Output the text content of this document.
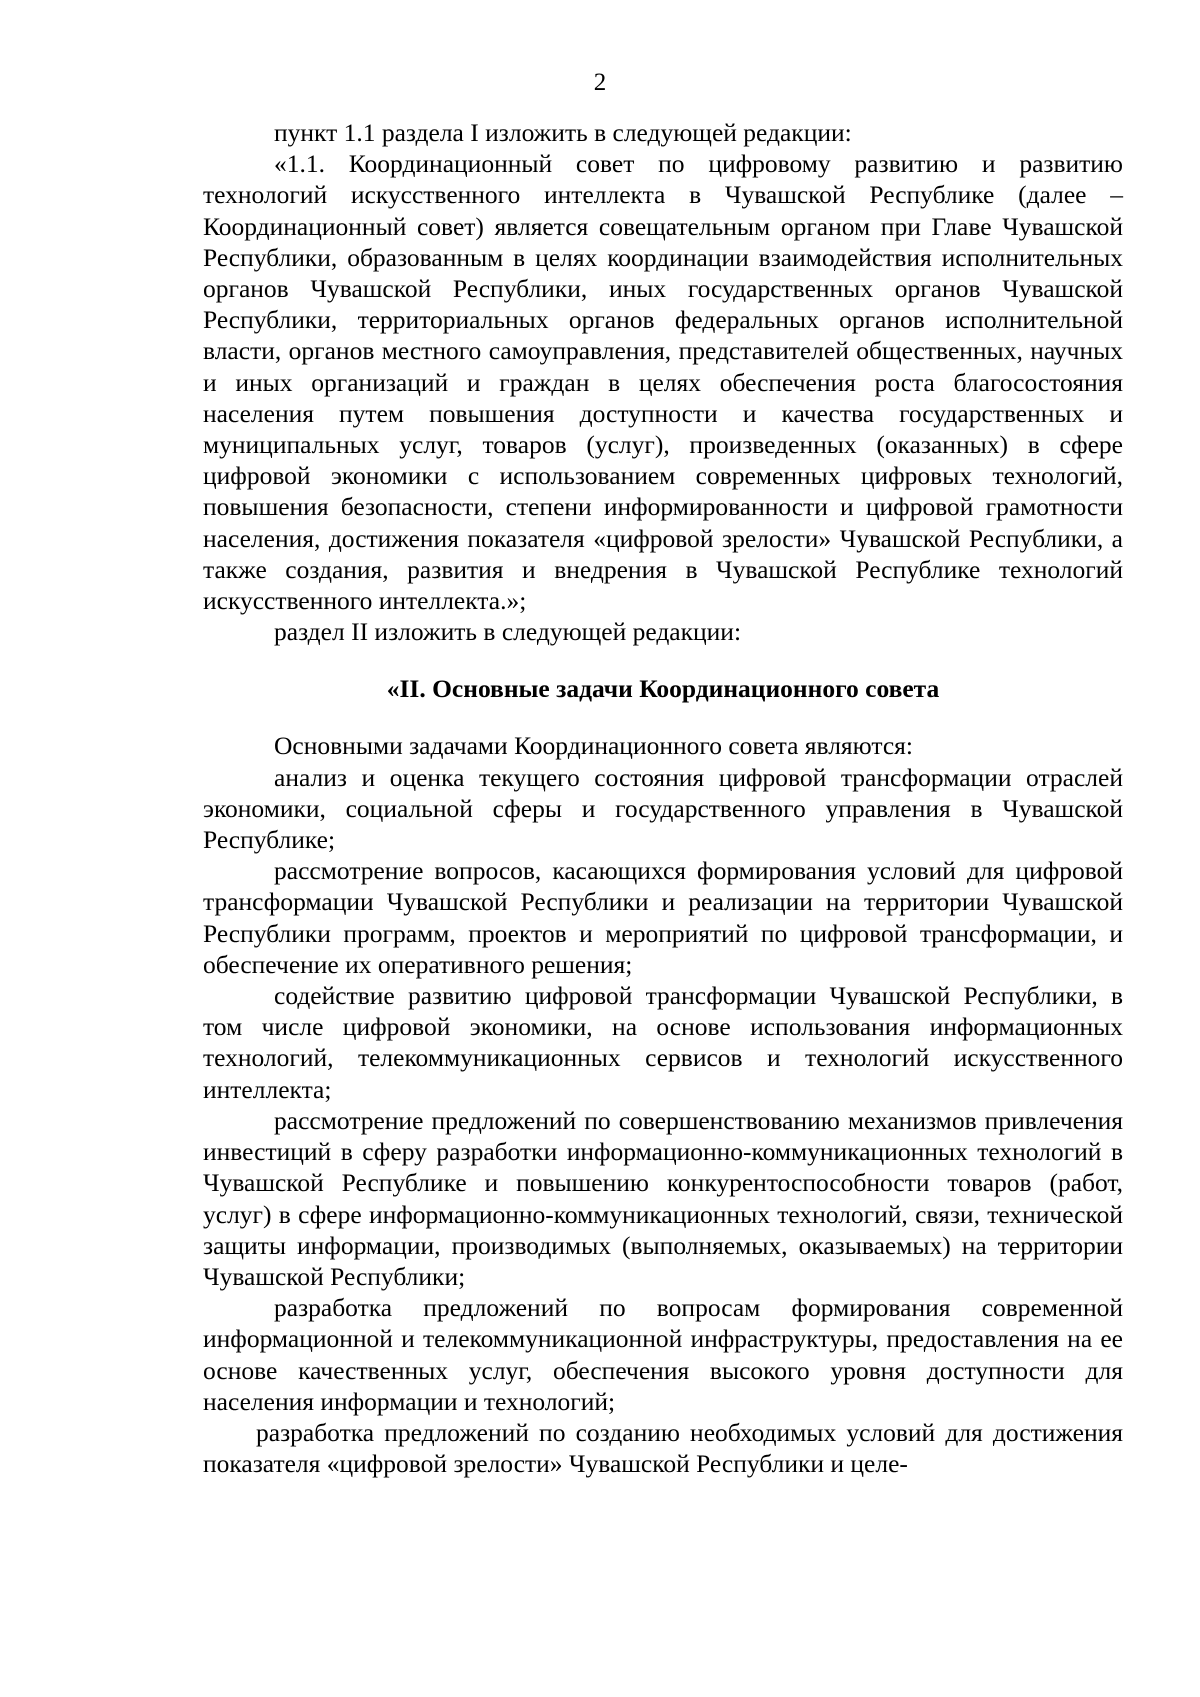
2

пункт 1.1 раздела I изложить в следующей редакции:

«1.1. Координационный совет по цифровому развитию и развитию технологий искусственного интеллекта в Чувашской Республике (далее – Координационный совет) является совещательным органом при Главе Чувашской Республики, образованным в целях координации взаимодействия исполнительных органов Чувашской Республики, иных государственных органов Чувашской Республики, территориальных органов федеральных органов исполнительной власти, органов местного самоуправления, представителей общественных, научных и иных организаций и граждан в целях обеспечения роста благосостояния населения путем повышения доступности и качества государственных и муниципальных услуг, товаров (услуг), произведенных (оказанных) в сфере цифровой экономики с использованием современных цифровых технологий, повышения безопасности, степени информированности и цифровой грамотности населения, достижения показателя «цифровой зрелости» Чувашской Республики, а также создания, развития и внедрения в Чувашской Республике технологий искусственного интеллекта.»;

раздел II изложить в следующей редакции:

«II. Основные задачи Координационного совета

Основными задачами Координационного совета являются:

анализ и оценка текущего состояния цифровой трансформации отраслей экономики, социальной сферы и государственного управления в Чувашской Республике;

рассмотрение вопросов, касающихся формирования условий для цифровой трансформации Чувашской Республики и реализации на территории Чувашской Республики программ, проектов и мероприятий по цифровой трансформации, и обеспечение их оперативного решения;

содействие развитию цифровой трансформации Чувашской Республики, в том числе цифровой экономики, на основе использования информационных технологий, телекоммуникационных сервисов и технологий искусственного интеллекта;

рассмотрение предложений по совершенствованию механизмов привлечения инвестиций в сферу разработки информационно-коммуникационных технологий в Чувашской Республике и повышению конкурентоспособности товаров (работ, услуг) в сфере информационно-коммуникационных технологий, связи, технической защиты информации, производимых (выполняемых, оказываемых) на территории Чувашской Республики;

разработка предложений по вопросам формирования современной информационной и телекоммуникационной инфраструктуры, предоставления на ее основе качественных услуг, обеспечения высокого уровня доступности для населения информации и технологий;

разработка предложений по созданию необходимых условий для достижения показателя «цифровой зрелости» Чувашской Республики и целе-
